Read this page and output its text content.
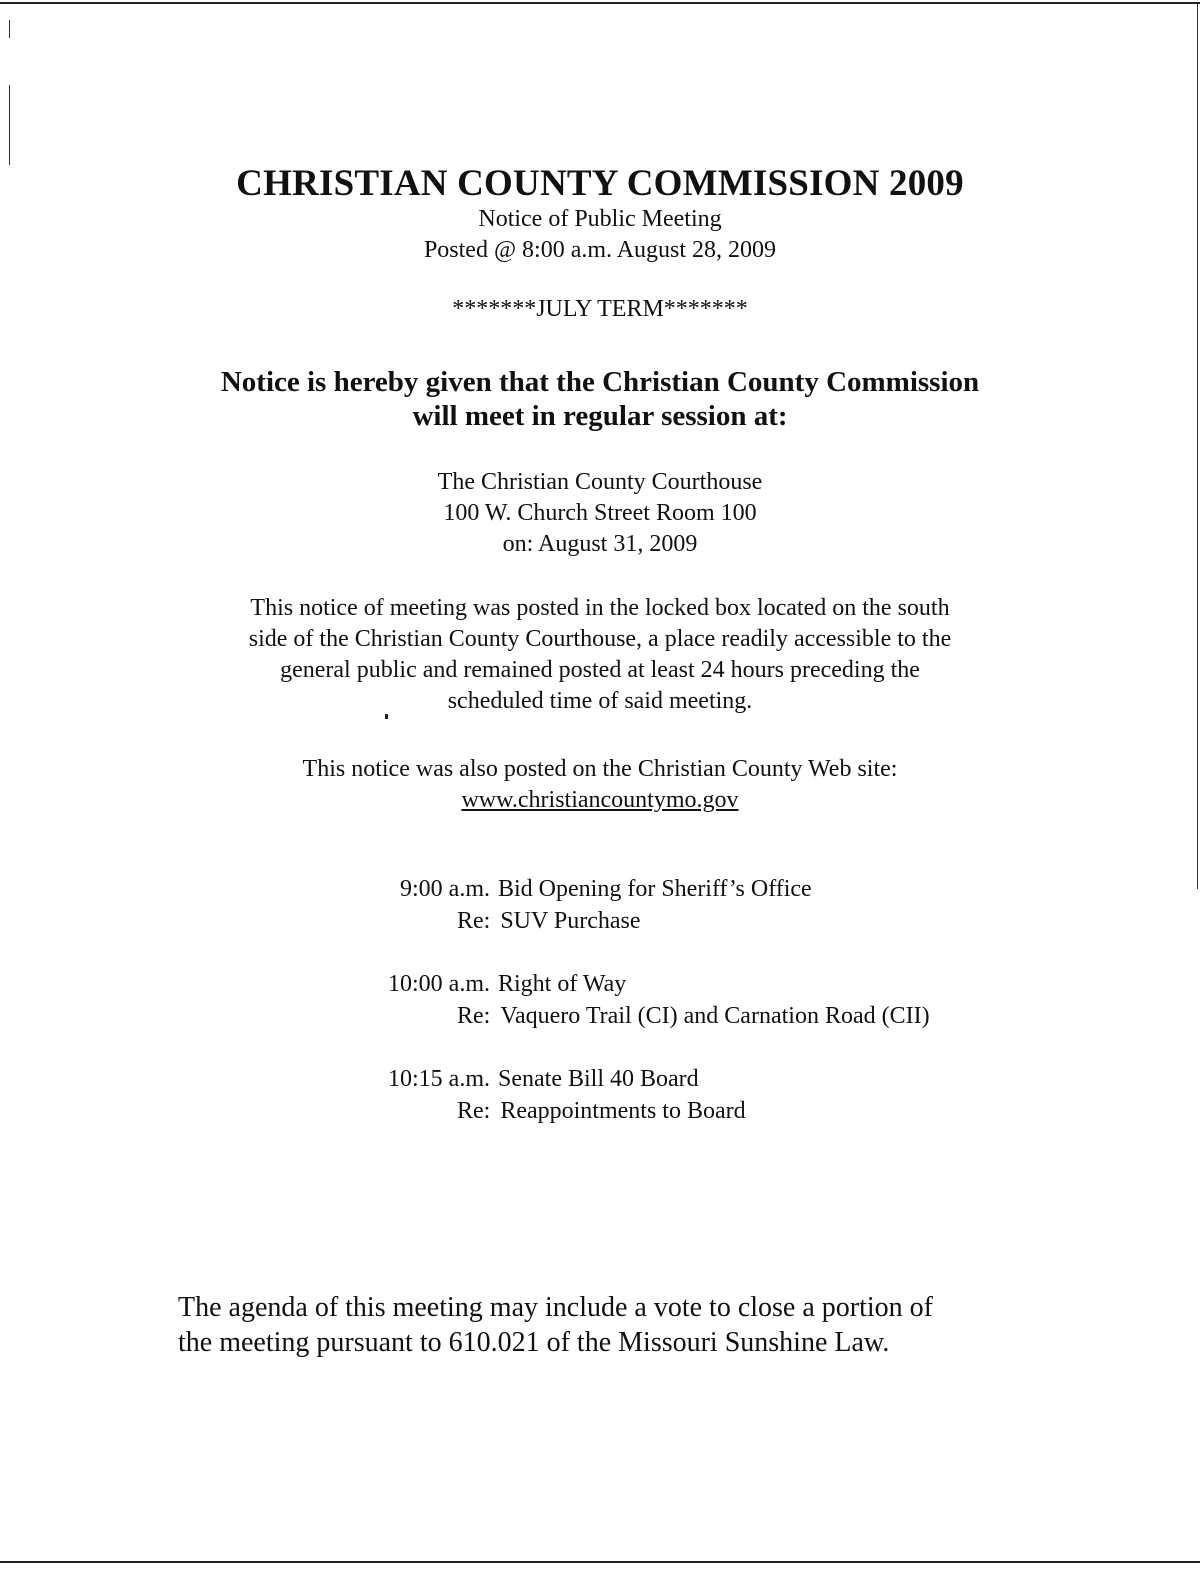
CHRISTIAN COUNTY COMMISSION 2009
Notice of Public Meeting
Posted @ 8:00 a.m. August 28, 2009
*******JULY TERM*******
Notice is hereby given that the Christian County Commission
will meet in regular session at:
The Christian County Courthouse
100 W. Church Street Room 100
on: August 31, 2009
This notice of meeting was posted in the locked box located on the south
side of the Christian County Courthouse, a place readily accessible to the
general public and remained posted at least 24 hours preceding the
scheduled time of said meeting.
This notice was also posted on the Christian County Web site:
www.christiancountymo.gov
9:00 a.m. Bid Opening for Sheriff’s Office
Re: SUV Purchase
10:00 a.m. Right of Way
Re: Vaquero Trail (CI) and Carnation Road (CII)
10:15 a.m. Senate Bill 40 Board
Re: Reappointments to Board
The agenda of this meeting may include a vote to close a portion of
the meeting pursuant to 610.021 of the Missouri Sunshine Law.
